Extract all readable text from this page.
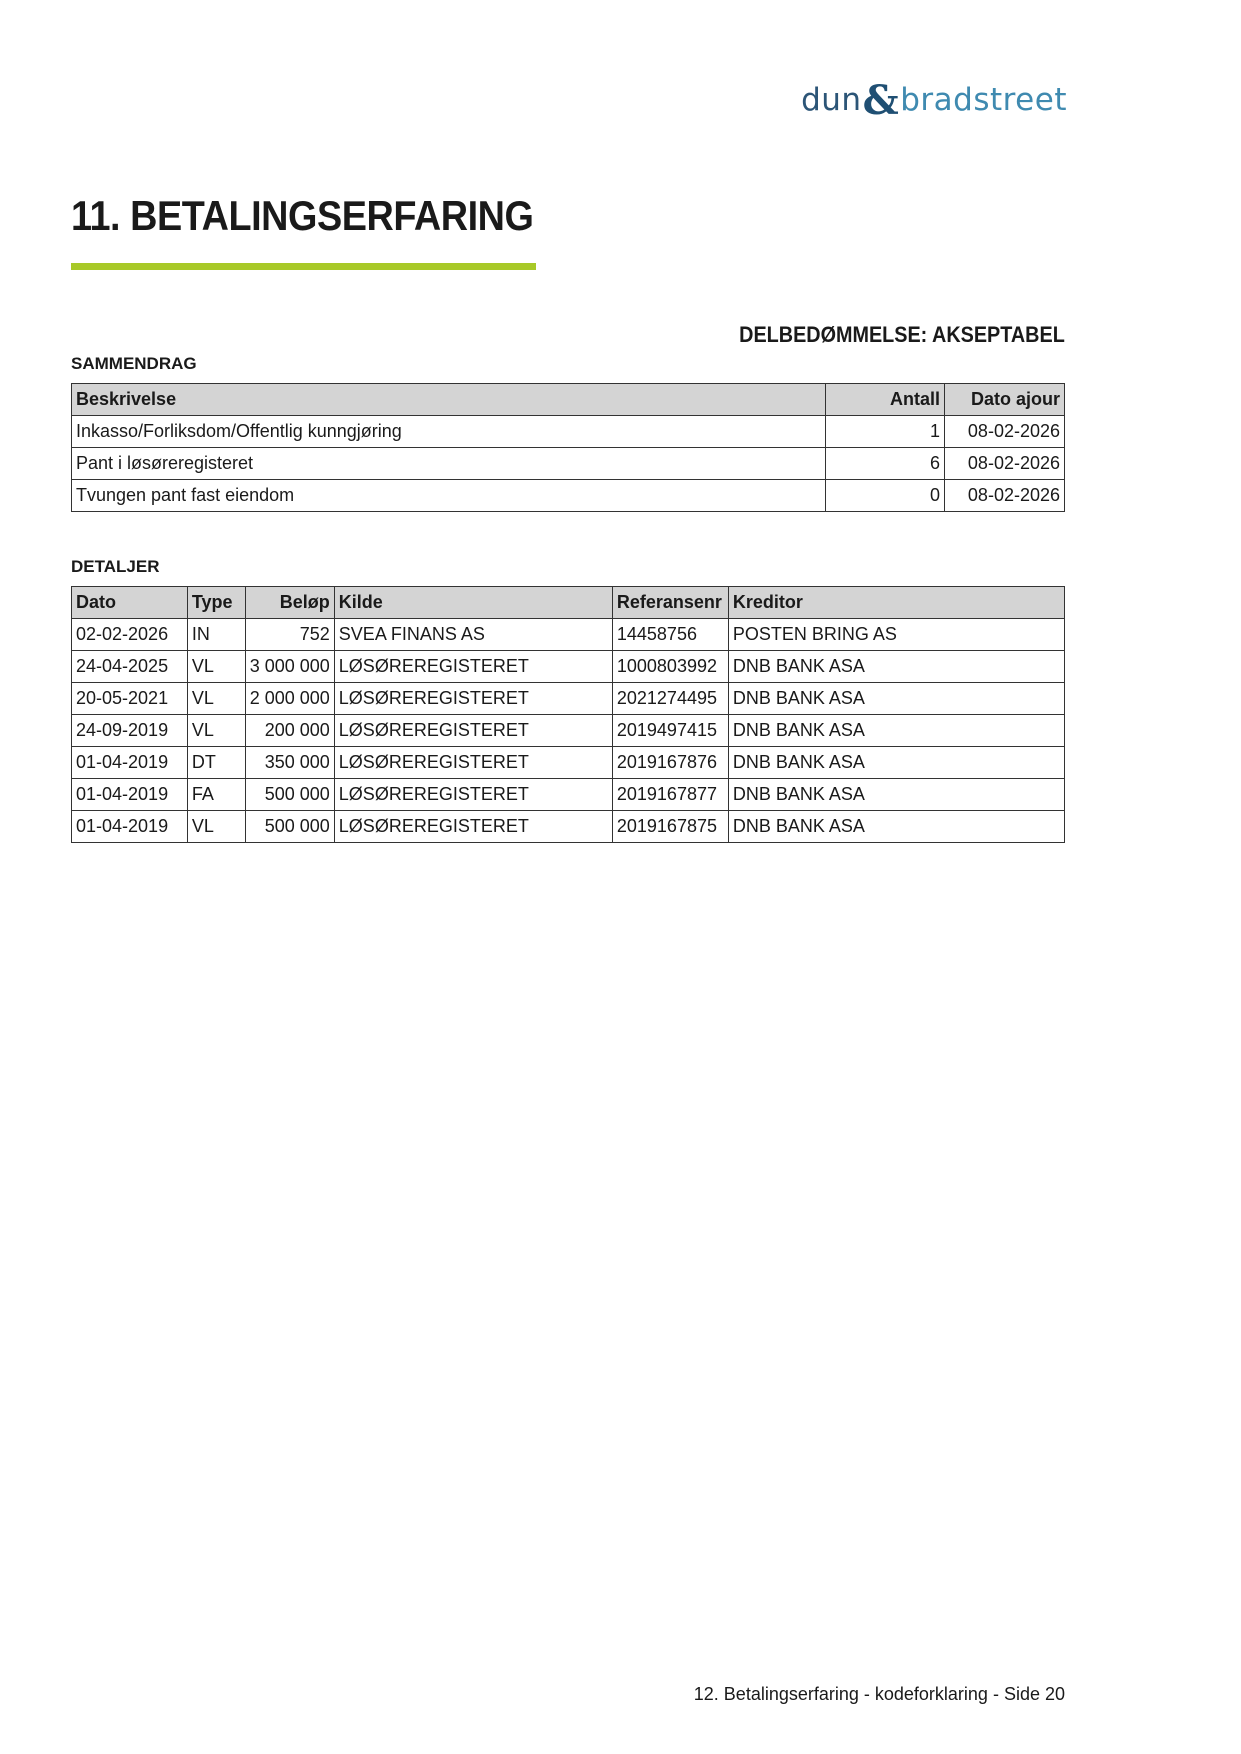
dun & bradstreet
11. BETALINGSERFARING
DELBEDØMMELSE: AKSEPTABEL
SAMMENDRAG
Beskrivelse	Antall	Dato ajour
Inkasso/Forliksdom/Offentlig kunngjøring	1	08-02-2026
Pant i løsøreregisteret	6	08-02-2026
Tvungen pant fast eiendom	0	08-02-2026
DETALJER
Dato	Type	Beløp	Kilde	Referansenr	Kreditor
02-02-2026	IN	752	SVEA FINANS AS	14458756	POSTEN BRING AS
24-04-2025	VL	3 000 000	LØSØREREGISTERET	1000803992	DNB BANK ASA
20-05-2021	VL	2 000 000	LØSØREREGISTERET	2021274495	DNB BANK ASA
24-09-2019	VL	200 000	LØSØREREGISTERET	2019497415	DNB BANK ASA
01-04-2019	DT	350 000	LØSØREREGISTERET	2019167876	DNB BANK ASA
01-04-2019	FA	500 000	LØSØREREGISTERET	2019167877	DNB BANK ASA
01-04-2019	VL	500 000	LØSØREREGISTERET	2019167875	DNB BANK ASA
12. Betalingserfaring - kodeforklaring - Side 20
